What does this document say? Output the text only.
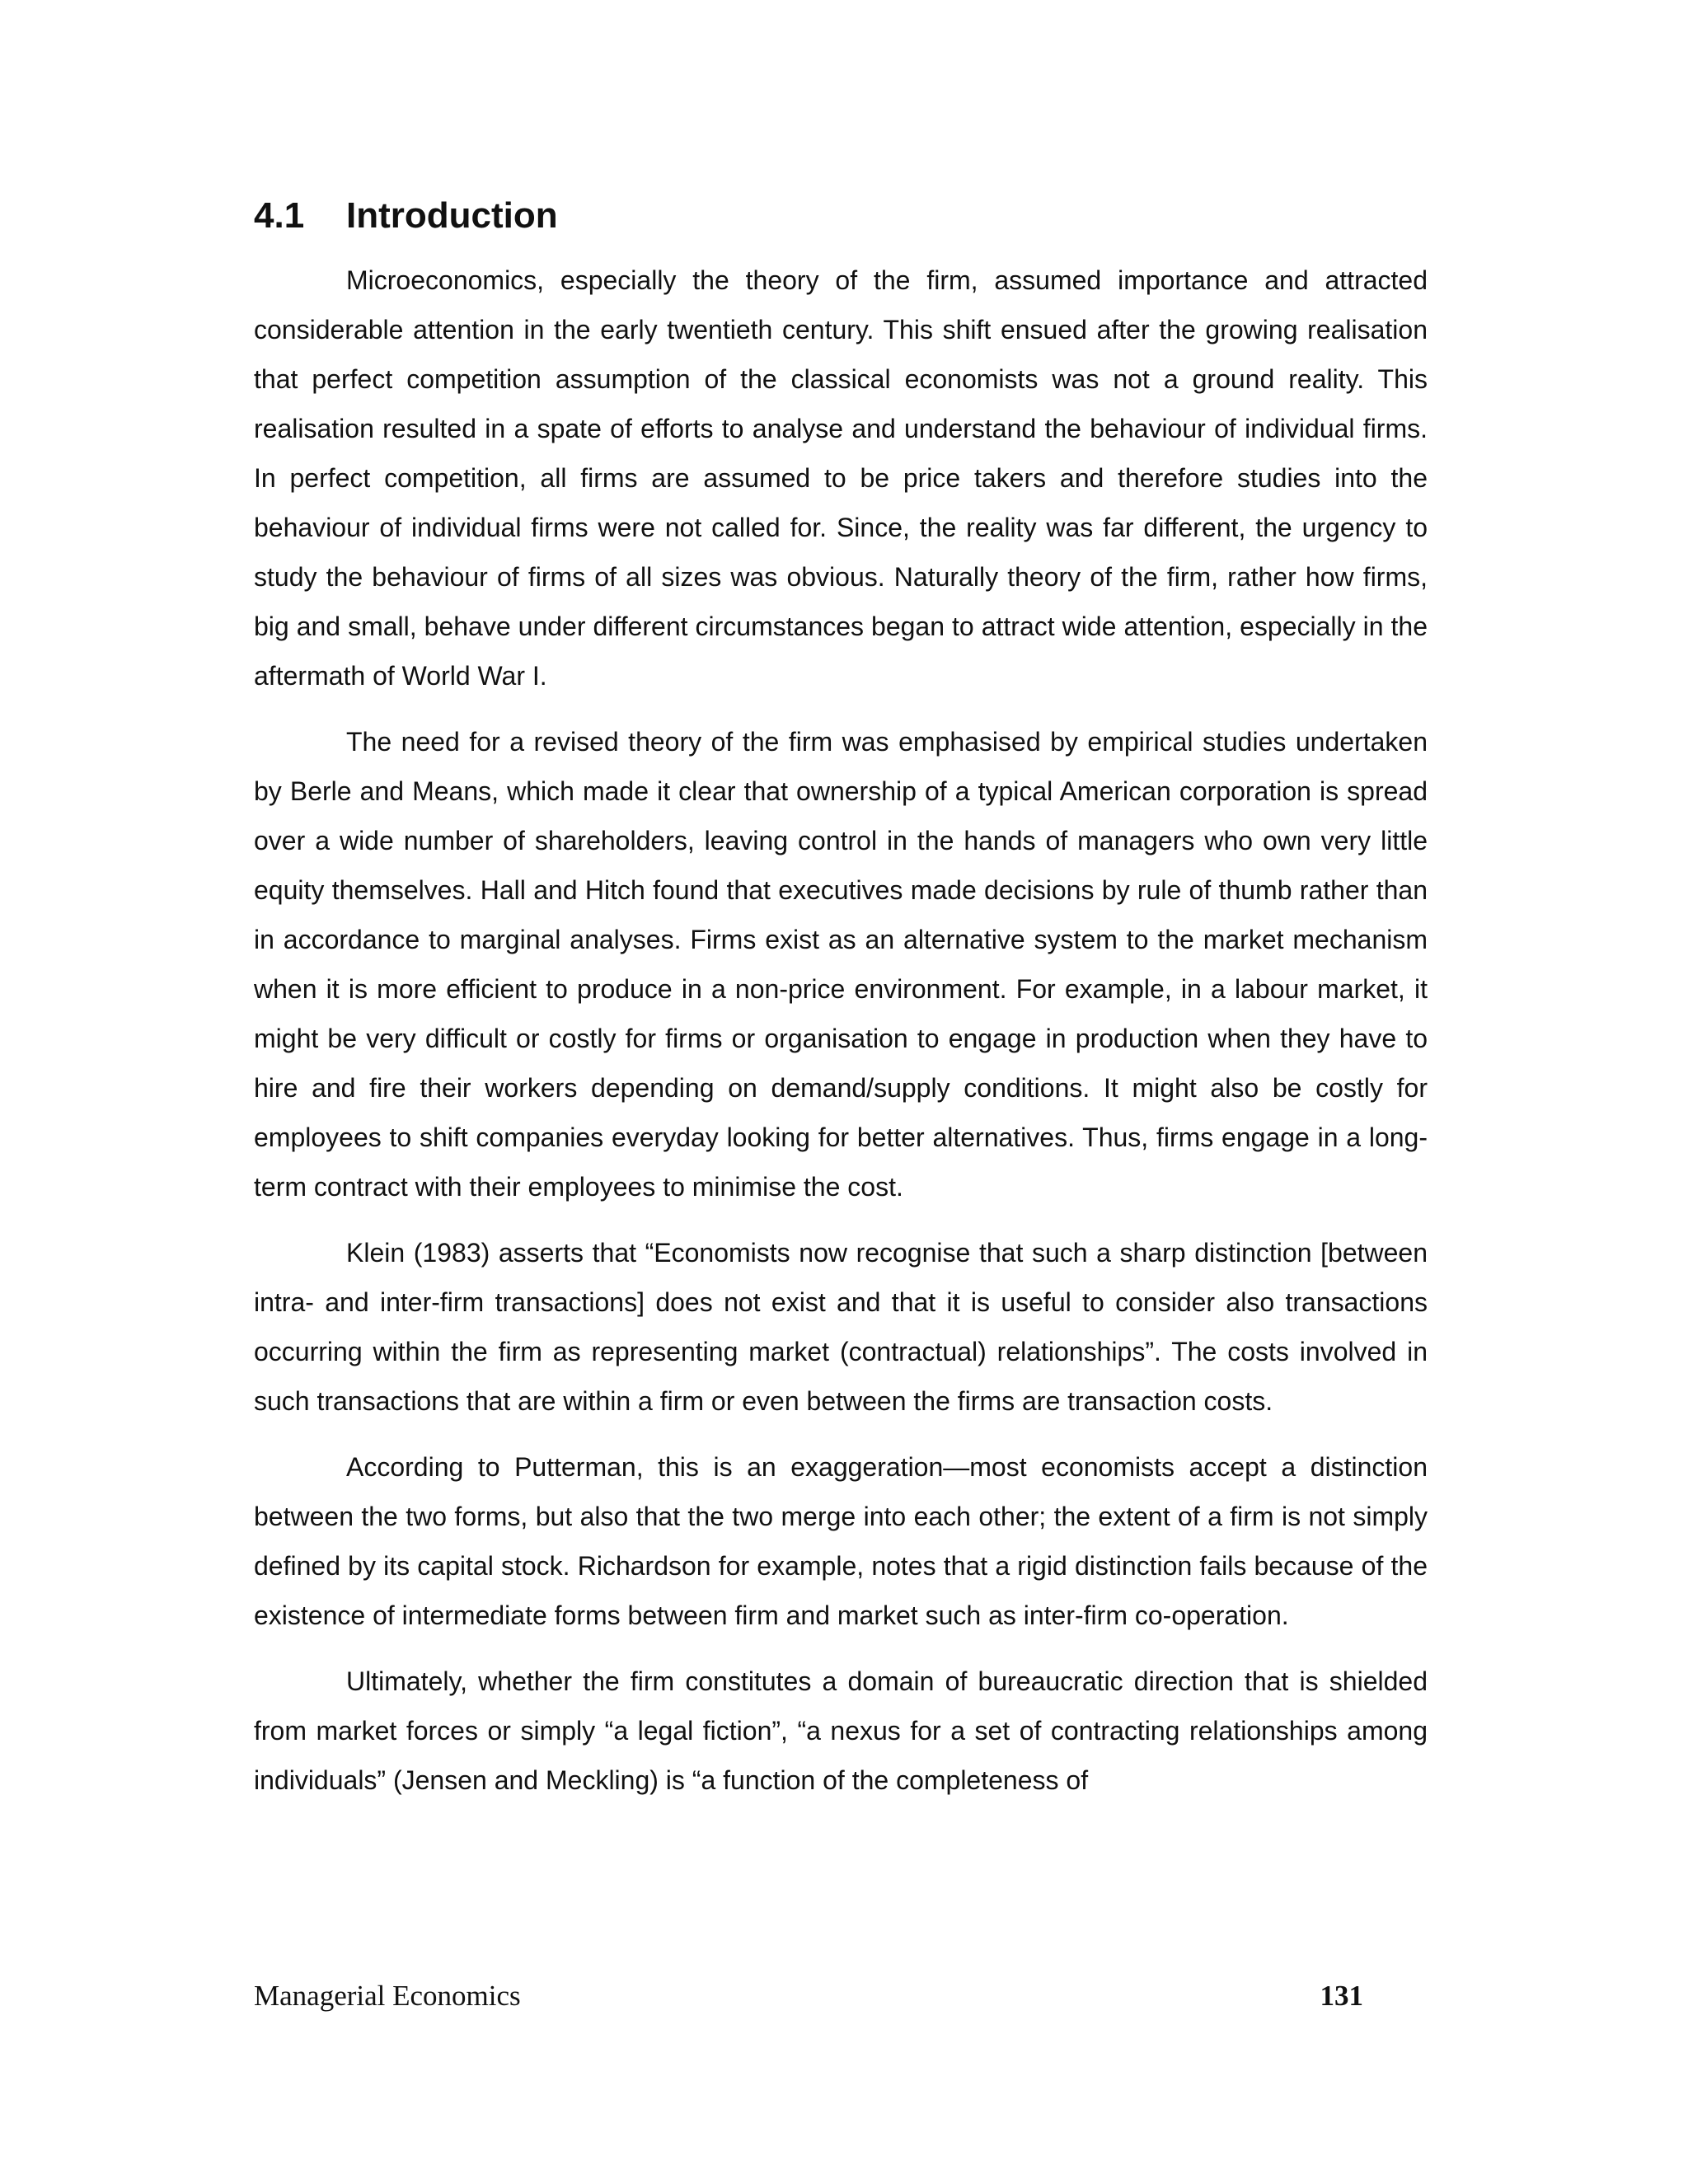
4.1	Introduction

Microeconomics, especially the theory of the firm, assumed importance and attracted considerable attention in the early twentieth century. This shift ensued after the growing realisation that perfect competition assumption of the classical economists was not a ground reality. This realisation resulted in a spate of efforts to analyse and understand the behaviour of individual firms. In perfect competition, all firms are assumed to be price takers and therefore studies into the behaviour of individual firms were not called for. Since, the reality was far different, the urgency to study the behaviour of firms of all sizes was obvious. Naturally theory of the firm, rather how firms, big and small, behave under different circumstances began to attract wide attention, especially in the aftermath of World War I.

The need for a revised theory of the firm was emphasised by empirical studies undertaken by Berle and Means, which made it clear that ownership of a typical American corporation is spread over a wide number of shareholders, leaving control in the hands of managers who own very little equity themselves. Hall and Hitch found that executives made decisions by rule of thumb rather than in accordance to marginal analyses. Firms exist as an alternative system to the market mechanism when it is more efficient to produce in a non-price environment. For example, in a labour market, it might be very difficult or costly for firms or organisation to engage in production when they have to hire and fire their workers depending on demand/supply conditions. It might also be costly for employees to shift companies everyday looking for better alternatives. Thus, firms engage in a long-term contract with their employees to minimise the cost.

Klein (1983) asserts that “Economists now recognise that such a sharp distinction [between intra- and inter-firm transactions] does not exist and that it is useful to consider also transactions occurring within the firm as representing market (contractual) relationships”. The costs involved in such transactions that are within a firm or even between the firms are transaction costs.

According to Putterman, this is an exaggeration—most economists accept a distinction between the two forms, but also that the two merge into each other; the extent of a firm is not simply defined by its capital stock. Richardson for example, notes that a rigid distinction fails because of the existence of intermediate forms between firm and market such as inter-firm co-operation.

Ultimately, whether the firm constitutes a domain of bureaucratic direction that is shielded from market forces or simply “a legal fiction”, “a nexus for a set of contracting relationships among individuals” (Jensen and Meckling) is “a function of the completeness of

Managerial Economics	131
